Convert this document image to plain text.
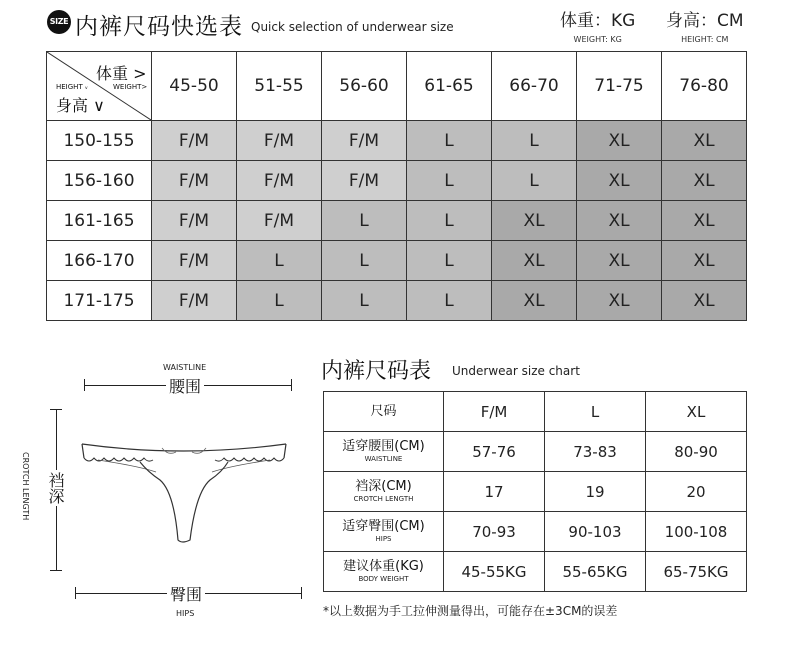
SIZE 内裤尺码快选表 Quick selection of underwear size	体重：KG
WEIGHT: KG
身高：CM
HEIGHT: CM
体重 >
WEIGHT>
HEIGHT ᵥ
身高 ∨	45-50	51-55	56-60	61-65	66-70	71-75	76-80
150-155	F/M	F/M	F/M	L	L	XL	XL
156-160	F/M	F/M	F/M	L	L	XL	XL
161-165	F/M	F/M	L	L	XL	XL	XL
166-170	F/M	L	L	L	XL	XL	XL
171-175	F/M	L	L	L	XL	XL	XL
WAISTLINE
腰围
CROTCH LENGTH 裆深
臀围
HIPS
内裤尺码表 Underwear size chart
尺码	F/M	L	XL

适穿腰围(CM)
WAISTLINE	57-76	73-83	80-90

裆深(CM)
CROTCH LENGTH	17	19	20

适穿臀围(CM)
HIPS	70-93	90-103	100-108

建议体重(KG)
BODY WEIGHT	45-55KG	55-65KG	65-75KG
*以上数据为手工拉伸测量得出，可能存在±3CM的误差
